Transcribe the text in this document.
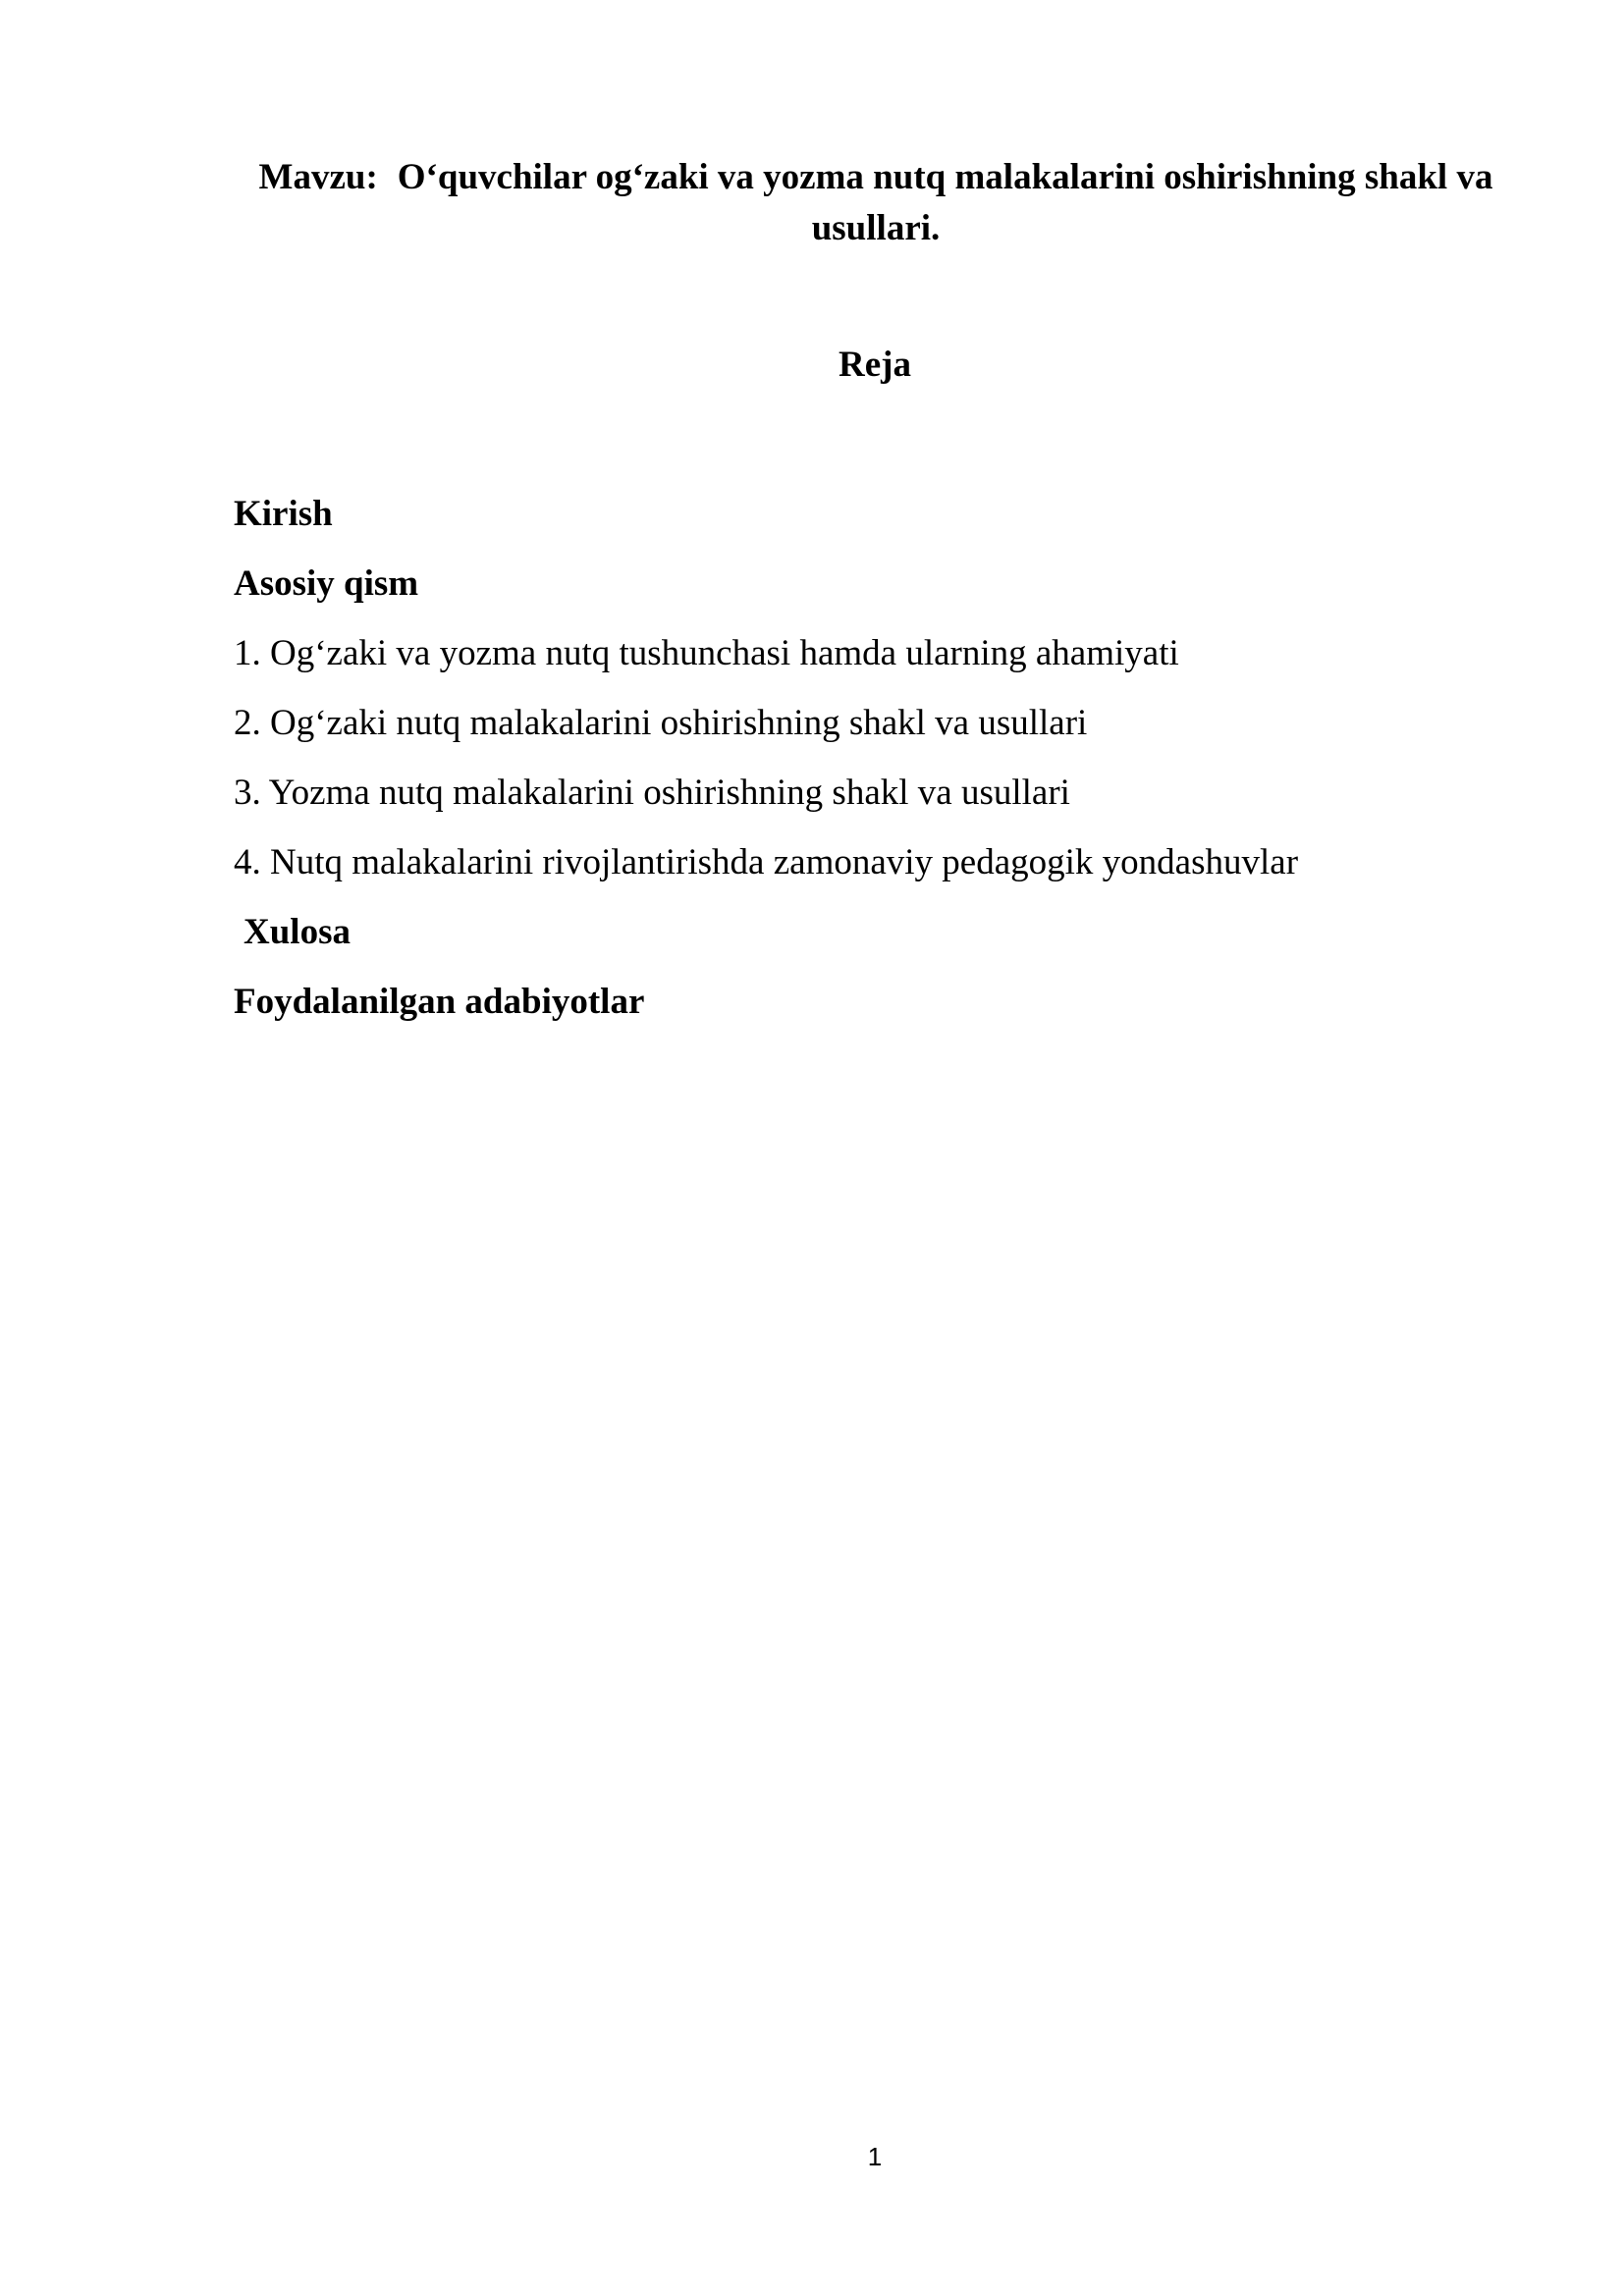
Mavzu: O‘quvchilar og‘zaki va yozma nutq malakalarini oshirishning shakl va usullari.
Reja
Kirish
Asosiy qism
1. Og‘zaki va yozma nutq tushunchasi hamda ularning ahamiyati
2. Og‘zaki nutq malakalarini oshirishning shakl va usullari
3. Yozma nutq malakalarini oshirishning shakl va usullari
4. Nutq malakalarini rivojlantirishda zamonaviy pedagogik yondashuvlar
Xulosa
Foydalanilgan adabiyotlar
1
